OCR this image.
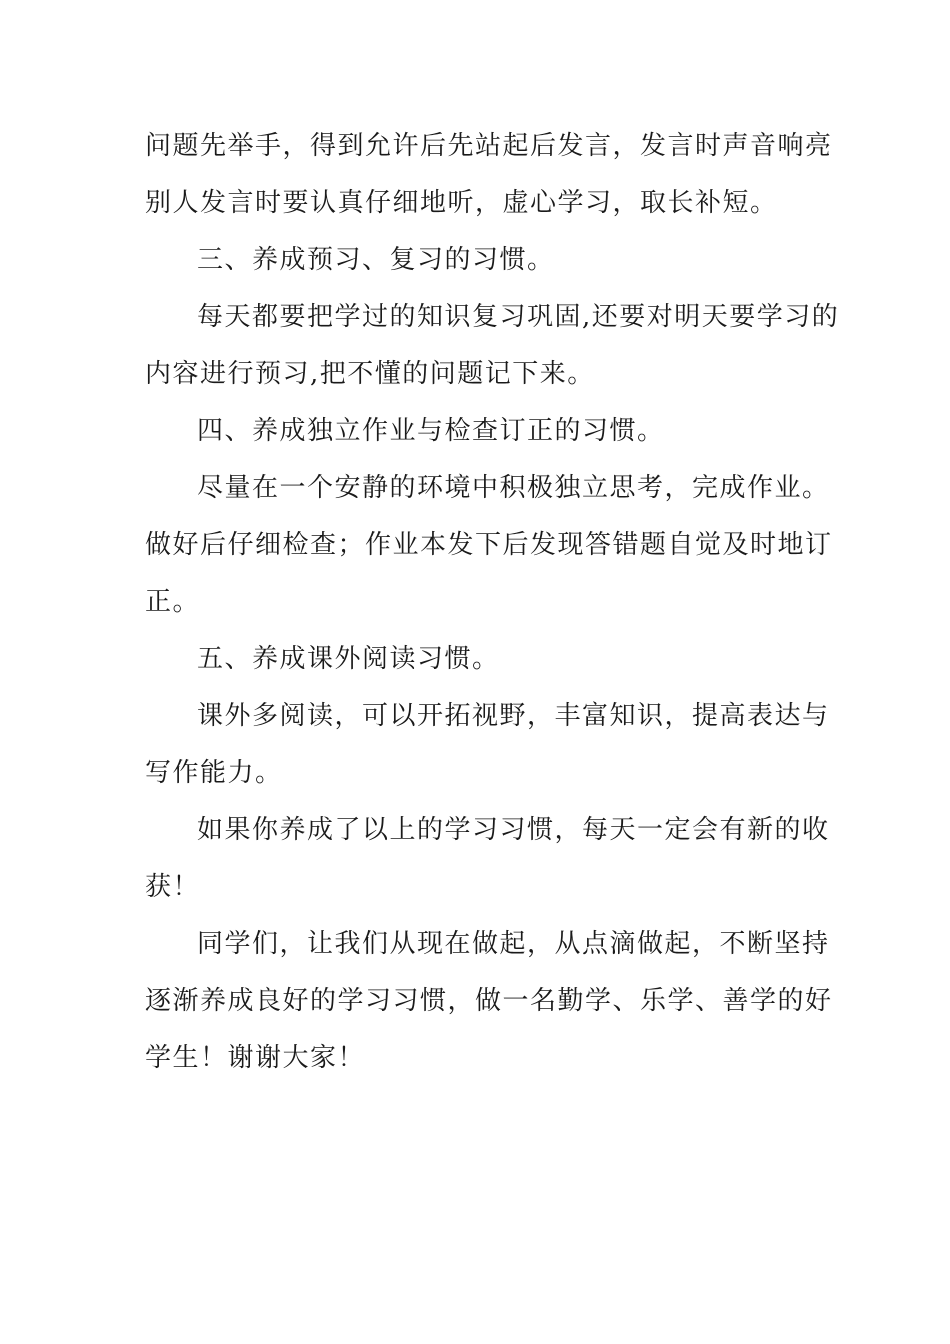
问题先举手，得到允许后先站起后发言，发言时声音响亮
别人发言时要认真仔细地听，虚心学习，取长补短。
三、养成预习、复习的习惯。
每天都要把学过的知识复习巩固,还要对明天要学习的
内容进行预习,把不懂的问题记下来。
四、养成独立作业与检查订正的习惯。
尽量在一个安静的环境中积极独立思考，完成作业。
做好后仔细检查；作业本发下后发现答错题自觉及时地订
正。
五、养成课外阅读习惯。
课外多阅读，可以开拓视野，丰富知识，提高表达与
写作能力。
如果你养成了以上的学习习惯，每天一定会有新的收
获！
同学们，让我们从现在做起，从点滴做起，不断坚持
逐渐养成良好的学习习惯，做一名勤学、乐学、善学的好
学生！谢谢大家！
